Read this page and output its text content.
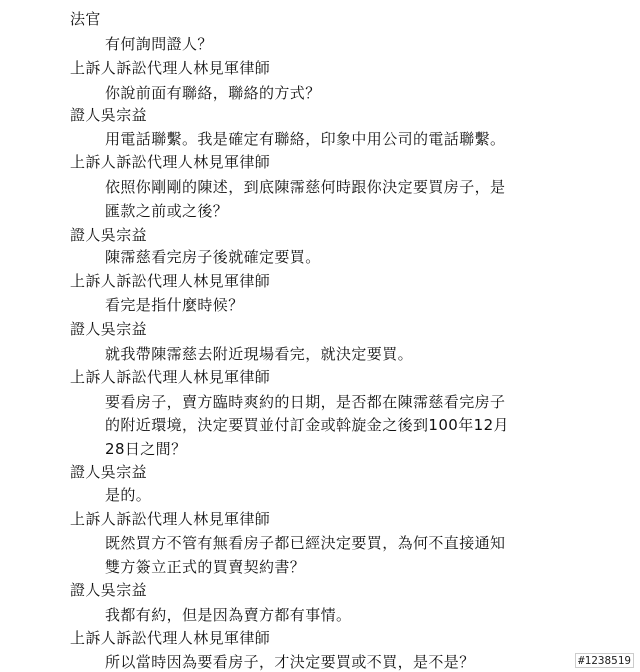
法官
有何詢問證人？
上訴人訴訟代理人林見軍律師
你說前面有聯絡，聯絡的方式？
證人吳宗益
用電話聯繫。我是確定有聯絡，印象中用公司的電話聯繫。
上訴人訴訟代理人林見軍律師
依照你剛剛的陳述，到底陳霈慈何時跟你決定要買房子，是
匯款之前或之後？
證人吳宗益
陳霈慈看完房子後就確定要買。
上訴人訴訟代理人林見軍律師
看完是指什麼時候？
證人吳宗益
就我帶陳霈慈去附近現場看完，就決定要買。
上訴人訴訟代理人林見軍律師
要看房子，賣方臨時爽約的日期，是否都在陳霈慈看完房子
的附近環境，決定要買並付訂金或斡旋金之後到100年12月
28日之間？
證人吳宗益
是的。
上訴人訴訟代理人林見軍律師
既然買方不管有無看房子都已經決定要買，為何不直接通知
雙方簽立正式的買賣契約書？
證人吳宗益
我都有約，但是因為賣方都有事情。
上訴人訴訟代理人林見軍律師
所以當時因為要看房子，才決定要買或不買，是不是？	#1238519
